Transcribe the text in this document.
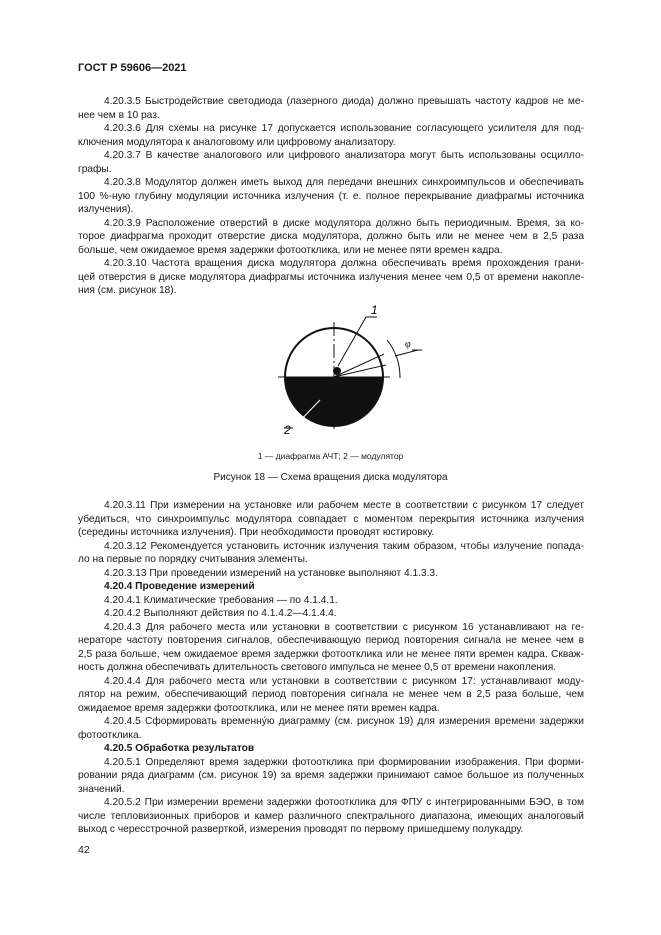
ГОСТ Р 59606—2021
4.20.3.5 Быстродействие светодиода (лазерного диода) должно превышать частоту кадров не ме-
нее чем в 10 раз.
4.20.3.6 Для схемы на рисунке 17 допускается использование согласующего усилителя для под-
ключения модулятора к аналоговому или цифровому анализатору.
4.20.3.7 В качестве аналогового или цифрового анализатора могут быть использованы осцилло-
графы.
4.20.3.8 Модулятор должен иметь выход для передачи внешних синхроимпульсов и обеспечивать
100 %-ную глубину модуляции источника излучения (т. е. полное перекрывание диафрагмы источника
излучения).
4.20.3.9 Расположение отверстий в диске модулятора должно быть периодичным. Время, за ко-
торое диафрагма проходит отверстие диска модулятора, должно быть или не менее чем в 2,5 раза
больше, чем ожидаемое время задержки фотоотклика, или не менее пяти времен кадра.
4.20.3.10 Частота вращения диска модулятора должна обеспечивать время прохождения грани-
цей отверстия в диске модулятора диафрагмы источника излучения менее чем 0,5 от времени накопле-
ния (см. рисунок 18).
1
2
φ
1 — диафрагма АЧТ; 2 — модулятор
Рисунок 18 — Схема вращения диска модулятора
4.20.3.11 При измерении на установке или рабочем месте в соответствии с рисунком 17 следует
убедиться, что синхроимпульс модулятора совпадает с моментом перекрытия источника излучения
(середины источника излучения). При необходимости проводят юстировку.
4.20.3.12 Рекомендуется установить источник излучения таким образом, чтобы излучение попада-
ло на первые по порядку считывания элементы.
4.20.3.13 При проведении измерений на установке выполняют 4.1.3.3.
4.20.4 Проведение измерений
4.20.4.1 Климатические требования — по 4.1.4.1.
4.20.4.2 Выполняют действия по 4.1.4.2—4.1.4.4.
4.20.4.3 Для рабочего места или установки в соответствии с рисунком 16 устанавливают на ге-
нераторе частоту повторения сигналов, обеспечивающую период повторения сигнала не менее чем в
2,5 раза больше, чем ожидаемое время задержки фотоотклика или не менее пяти времен кадра. Скваж-
ность должна обеспечивать длительность светового импульса не менее 0,5 от времени накопления.
4.20.4.4 Для рабочего места или установки в соответствии с рисунком 17: устанавливают моду-
лятор на режим, обеспечивающий период повторения сигнала не менее чем в 2,5 раза больше, чем
ожидаемое время задержки фотоотклика, или не менее пяти времен кадра.
4.20.4.5 Сформировать временну́ю диаграмму (см. рисунок 19) для измерения времени задержки
фотоотклика.
4.20.5 Обработка результатов
4.20.5.1 Определяют время задержки фотоотклика при формировании изображения. При форми-
ровании ряда диаграмм (см. рисунок 19) за время задержки принимают самое большое из полученных
значений.
4.20.5.2 При измерении времени задержки фотоотклика для ФПУ с интегрированными БЭО, в том
числе тепловизионных приборов и камер различного спектрального диапазона, имеющих аналоговый
выход с чересстрочной разверткой, измерения проводят по первому пришедшему полукадру.
42
